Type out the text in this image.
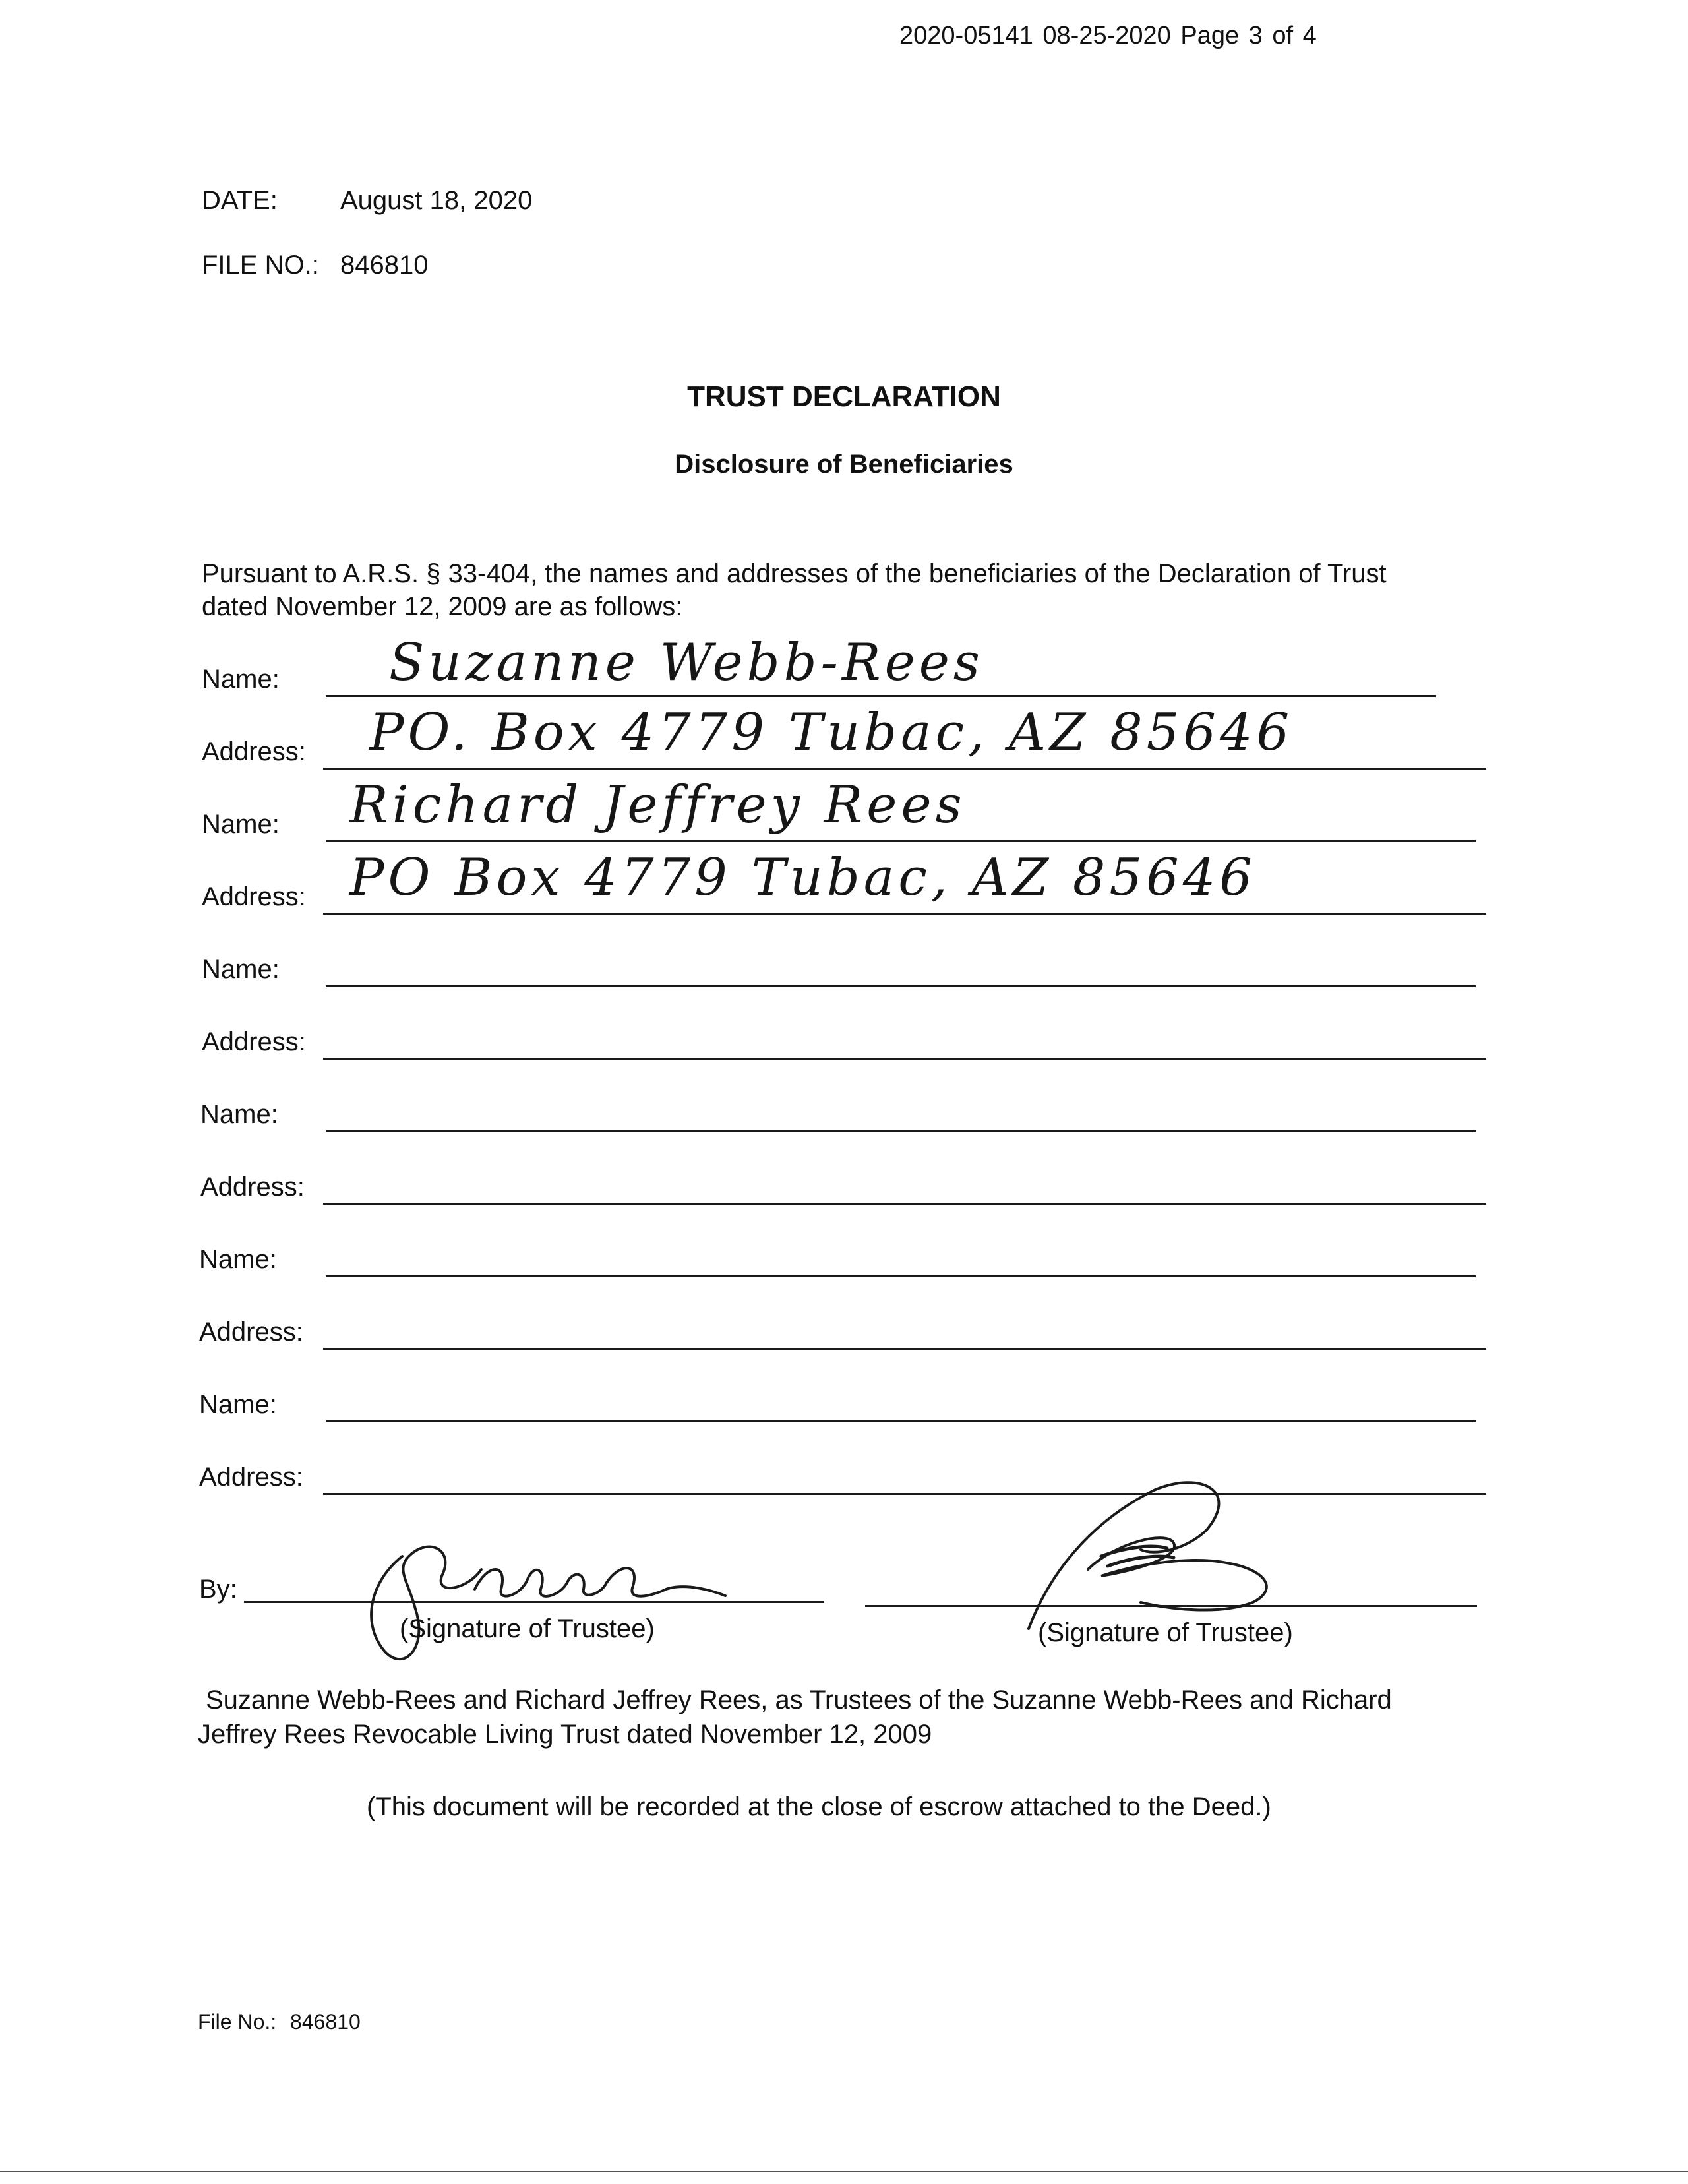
2020-05141 08-25-2020 Page 3 of 4
DATE: August 18, 2020
FILE NO.: 846810
TRUST DECLARATION
Disclosure of Beneficiaries
Pursuant to A.R.S. § 33-404, the names and addresses of the beneficiaries of the Declaration of Trust
dated November 12, 2009 are as follows:
Name: Suzanne Webb-Rees
Address: PO. Box 4779 Tubac, AZ 85646
Name: Richard Jeffrey Rees
Address: PO Box 4779 Tubac, AZ 85646
Name:
Address:
Name:
Address:
Name:
Address:
Name:
Address:
By:
(Signature of Trustee)	(Signature of Trustee)
Suzanne Webb-Rees and Richard Jeffrey Rees, as Trustees of the Suzanne Webb-Rees and Richard
Jeffrey Rees Revocable Living Trust dated November 12, 2009
(This document will be recorded at the close of escrow attached to the Deed.)
File No.: 846810
